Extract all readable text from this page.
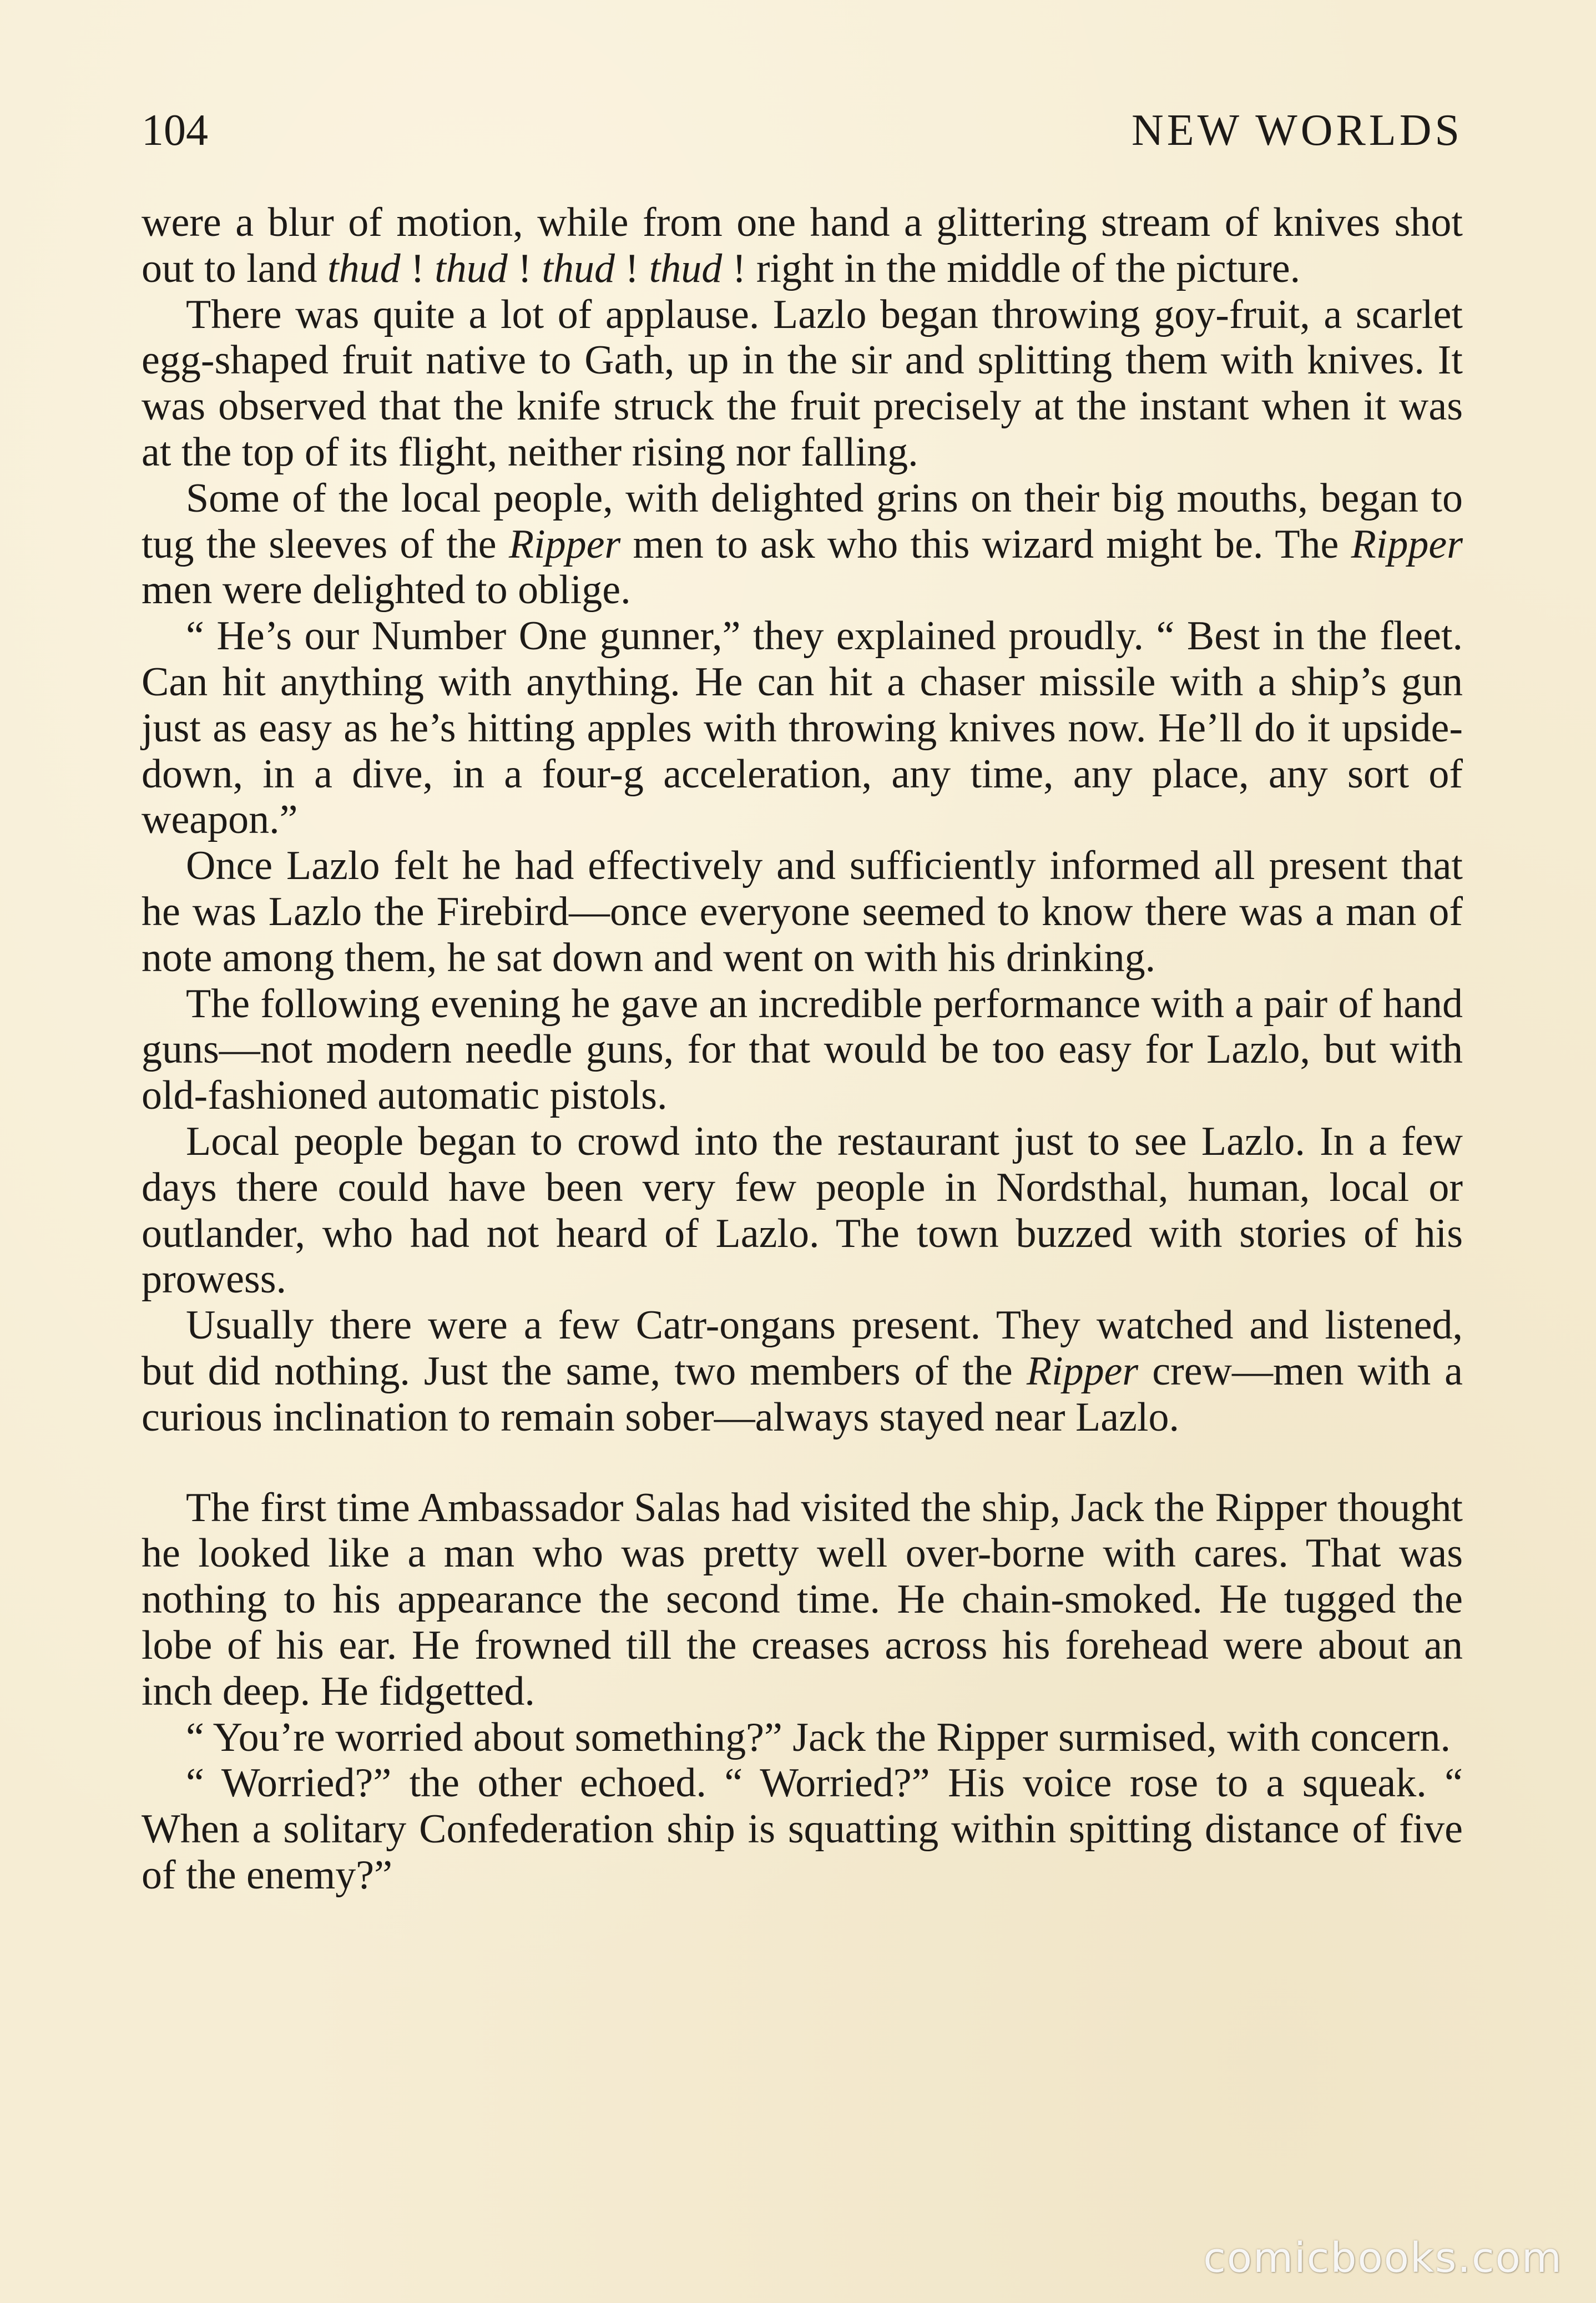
104	NEW WORLDS

were a blur of motion, while from one hand a glittering stream of knives shot out to land thud ! thud ! thud ! thud ! right in the middle of the picture.

There was quite a lot of applause. Lazlo began throwing goy-fruit, a scarlet egg-shaped fruit native to Gath, up in the sir and splitting them with knives. It was observed that the knife struck the fruit precisely at the instant when it was at the top of its flight, neither rising nor falling.

Some of the local people, with delighted grins on their big mouths, began to tug the sleeves of the Ripper men to ask who this wizard might be. The Ripper men were delighted to oblige.

“ He’s our Number One gunner,” they explained proudly. “ Best in the fleet. Can hit anything with anything. He can hit a chaser missile with a ship’s gun just as easy as he’s hitting apples with throwing knives now. He’ll do it upside-down, in a dive, in a four-g acceleration, any time, any place, any sort of weapon.”

Once Lazlo felt he had effectively and sufficiently informed all present that he was Lazlo the Firebird—once everyone seemed to know there was a man of note among them, he sat down and went on with his drinking.

The following evening he gave an incredible performance with a pair of hand guns—not modern needle guns, for that would be too easy for Lazlo, but with old-fashioned automatic pistols.

Local people began to crowd into the restaurant just to see Lazlo. In a few days there could have been very few people in Nordsthal, human, local or outlander, who had not heard of Lazlo. The town buzzed with stories of his prowess.

Usually there were a few Catr-ongans present. They watched and listened, but did nothing. Just the same, two members of the Ripper crew—men with a curious inclination to remain sober—always stayed near Lazlo.

The first time Ambassador Salas had visited the ship, Jack the Ripper thought he looked like a man who was pretty well over-borne with cares. That was nothing to his appearance the second time. He chain-smoked. He tugged the lobe of his ear. He frowned till the creases across his forehead were about an inch deep. He fidgetted.

“ You’re worried about something?” Jack the Ripper surmised, with concern.

“ Worried?” the other echoed. “ Worried?” His voice rose to a squeak. “ When a solitary Confederation ship is squatting within spitting distance of five of the enemy?”

comicbooks.com
